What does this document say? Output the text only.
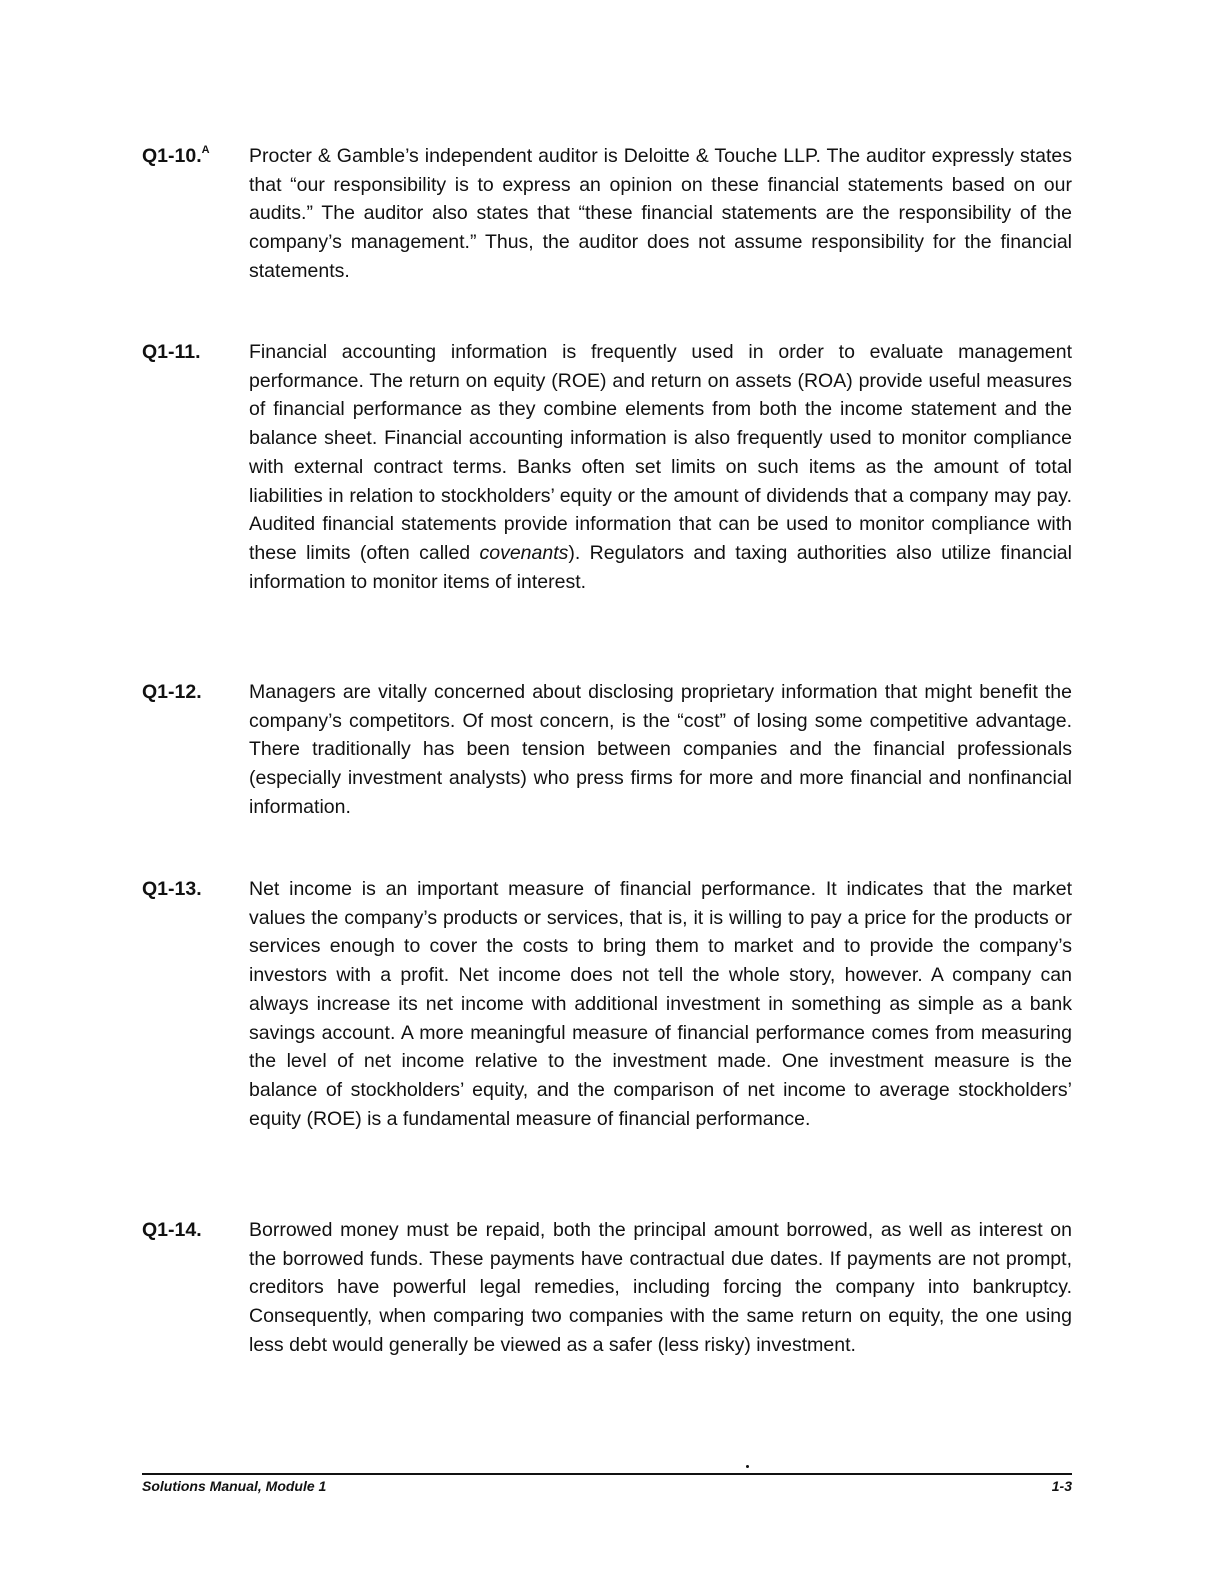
Q1-10.$^A$ Procter & Gamble’s independent auditor is Deloitte & Touche LLP. The auditor expressly states that “our responsibility is to express an opinion on these financial statements based on our audits.” The auditor also states that “these financial statements are the responsibility of the company’s management.” Thus, the auditor does not assume responsibility for the financial statements.
Q1-11. Financial accounting information is frequently used in order to evaluate management performance. The return on equity (ROE) and return on assets (ROA) provide useful measures of financial performance as they combine elements from both the income statement and the balance sheet. Financial accounting information is also frequently used to monitor compliance with external contract terms. Banks often set limits on such items as the amount of total liabilities in relation to stockholders’ equity or the amount of dividends that a company may pay. Audited financial statements provide information that can be used to monitor compliance with these limits (often called covenants). Regulators and taxing authorities also utilize financial information to monitor items of interest.
Q1-12. Managers are vitally concerned about disclosing proprietary information that might benefit the company’s competitors. Of most concern, is the “cost” of losing some competitive advantage. There traditionally has been tension between companies and the financial professionals (especially investment analysts) who press firms for more and more financial and nonfinancial information.
Q1-13. Net income is an important measure of financial performance. It indicates that the market values the company’s products or services, that is, it is willing to pay a price for the products or services enough to cover the costs to bring them to market and to provide the company’s investors with a profit. Net income does not tell the whole story, however. A company can always increase its net income with additional investment in something as simple as a bank savings account. A more meaningful measure of financial performance comes from measuring the level of net income relative to the investment made. One investment measure is the balance of stockholders’ equity, and the comparison of net income to average stockholders’ equity (ROE) is a fundamental measure of financial performance.
Q1-14. Borrowed money must be repaid, both the principal amount borrowed, as well as interest on the borrowed funds. These payments have contractual due dates. If payments are not prompt, creditors have powerful legal remedies, including forcing the company into bankruptcy. Consequently, when comparing two companies with the same return on equity, the one using less debt would generally be viewed as a safer (less risky) investment.
Solutions Manual, Module 1	1-3
